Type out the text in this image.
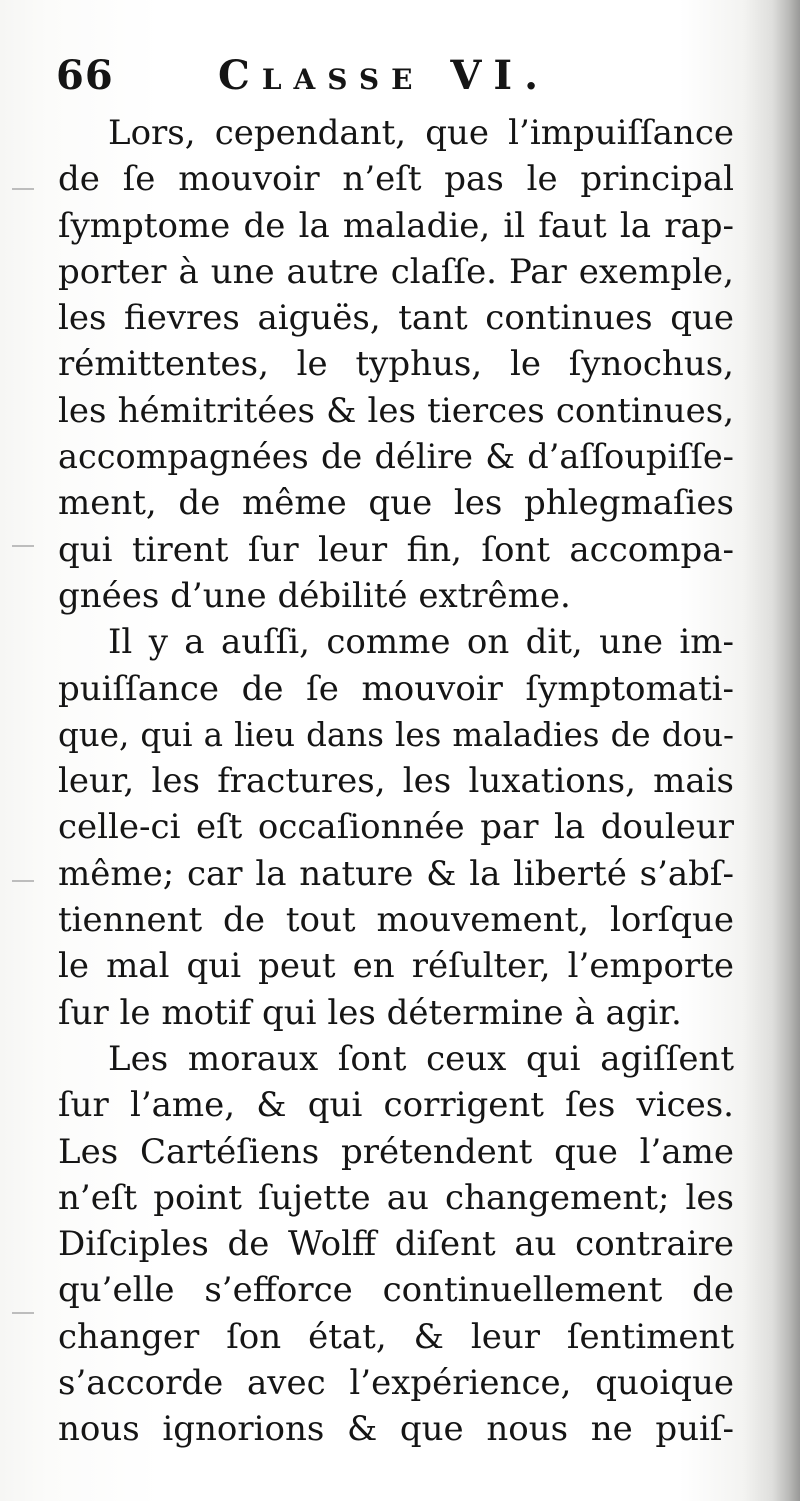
66	Classe VI.
Lors, cependant, que l’impuiſſance
de ſe mouvoir n’eſt pas le principal
ſymptome de la maladie, il faut la rap-
porter à une autre claſſe. Par exemple,
les fievres aiguës, tant continues que
rémittentes, le typhus, le ſynochus,
les hémitritées & les tierces continues,
accompagnées de délire & d’aſſoupiſſe-
ment, de même que les phlegmaſies
qui tirent ſur leur fin, ſont accompa-
gnées d’une débilité extrême.
Il y a auſſi, comme on dit, une im-
puiſſance de ſe mouvoir ſymptomati-
que, qui a lieu dans les maladies de dou-
leur, les fractures, les luxations, mais
celle-ci eſt occaſionnée par la douleur
même; car la nature & la liberté s’abſ-
tiennent de tout mouvement, lorſque
le mal qui peut en réſulter, l’emporte
ſur le motif qui les détermine à agir.
Les moraux ſont ceux qui agiſſent
ſur l’ame, & qui corrigent ſes vices.
Les Cartéſiens prétendent que l’ame
n’eſt point ſujette au changement; les
Diſciples de Wolff diſent au contraire
qu’elle s’efforce continuellement de
changer ſon état, & leur ſentiment
s’accorde avec l’expérience, quoique
nous ignorions & que nous ne puiſ-
